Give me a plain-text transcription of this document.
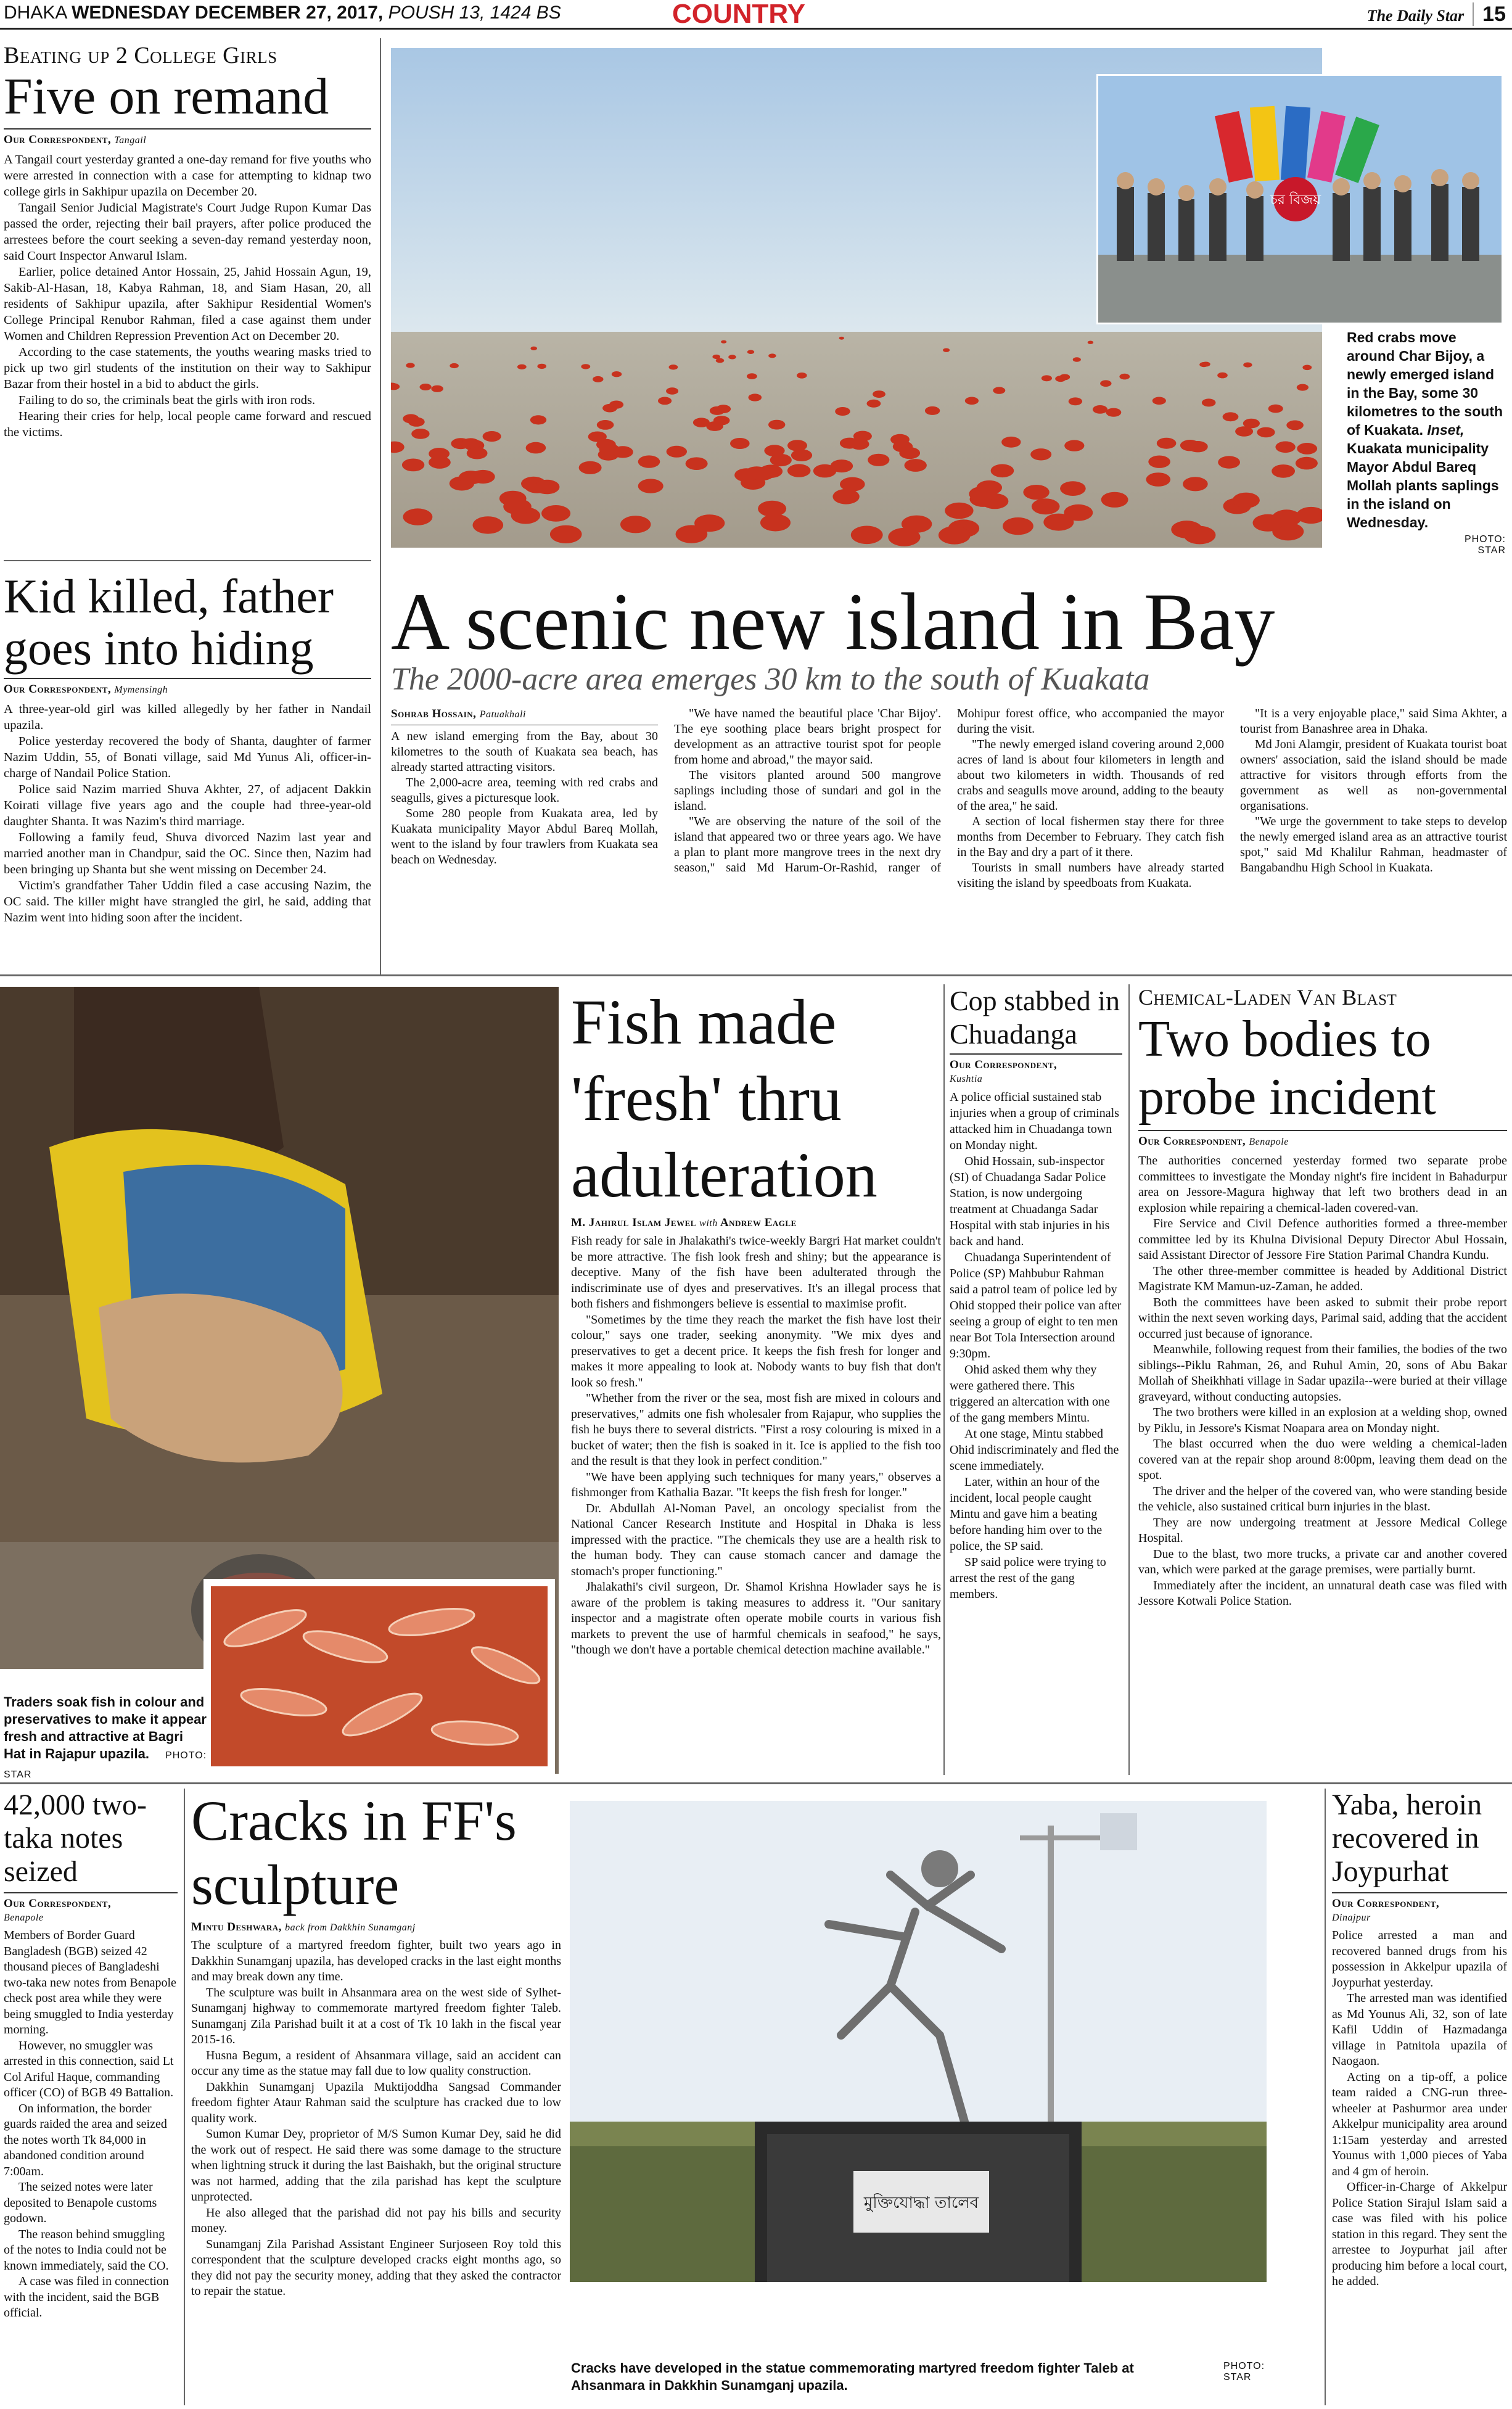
DHAKA WEDNESDAY DECEMBER 27, 2017, POUSH 13, 1424 BS	COUNTRY	The Daily Star 15
Beating up 2 College Girls
Five on remand
Our Correspondent, Tangail

A Tangail court yesterday granted a one-day remand for five youths who were arrested in connection with a case for attempting to kidnap two college girls in Sakhipur upazila on December 20.

Tangail Senior Judicial Magistrate's Court Judge Rupon Kumar Das passed the order, rejecting their bail prayers, after police produced the arrestees before the court seeking a seven-day remand yesterday noon, said Court Inspector Anwarul Islam.

Earlier, police detained Antor Hossain, 25, Jahid Hossain Agun, 19, Sakib-Al-Hasan, 18, Kabya Rahman, 18, and Siam Hasan, 20, all residents of Sakhipur upazila, after Sakhipur Residential Women's College Principal Renubor Rahman, filed a case against them under Women and Children Repression Prevention Act on December 20.

According to the case statements, the youths wearing masks tried to pick up two girl students of the institution on their way to Sakhipur Bazar from their hostel in a bid to abduct the girls.

Failing to do so, the criminals beat the girls with iron rods.

Hearing their cries for help, local people came forward and rescued the victims.

Kid killed, father goes into hiding
Our Correspondent, Mymensingh

A three-year-old girl was killed allegedly by her father in Nandail upazila.

Police yesterday recovered the body of Shanta, daughter of farmer Nazim Uddin, 55, of Bonati village, said Md Yunus Ali, officer-in-charge of Nandail Police Station.

Police said Nazim married Shuva Akhter, 27, of adjacent Dakkin Koirati village five years ago and the couple had three-year-old daughter Shanta. It was Nazim's third marriage.

Following a family feud, Shuva divorced Nazim last year and married another man in Chandpur, said the OC. Since then, Nazim had been bringing up Shanta but she went missing on December 24.

Victim's grandfather Taher Uddin filed a case accusing Nazim, the OC said. The killer might have strangled the girl, he said, adding that Nazim went into hiding soon after the incident.

চর বিজয়
Red crabs move around Char Bijoy, a newly emerged island in the Bay, some 30 kilometres to the south of Kuakata. Inset, Kuakata municipality Mayor Abdul Bareq Mollah plants saplings in the island on Wednesday.
PHOTO: STAR
A scenic new island in Bay
The 2000-acre area emerges 30 km to the south of Kuakata
Sohrab Hossain, Patuakhali

A new island emerging from the Bay, about 30 kilometres to the south of Kuakata sea beach, has already started attracting visitors.

The 2,000-acre area, teeming with red crabs and seagulls, gives a picturesque look.

Some 280 people from Kuakata area, led by Kuakata municipality Mayor Abdul Bareq Mollah, went to the island by four trawlers from Kuakata sea beach on Wednesday.

"We have named the beautiful place 'Char Bijoy'. The eye soothing place bears bright prospect for development as an attractive tourist spot for people from home and abroad," the mayor said.

The visitors planted around 500 mangrove saplings including those of sundari and gol in the island.

"We are observing the nature of the soil of the island that appeared two or three years ago. We have a plan to plant more mangrove trees in the next dry season," said Md Harum-Or-Rashid, ranger of Mohipur forest office, who accompanied the mayor during the visit.

"The newly emerged island covering around 2,000 acres of land is about four kilometers in length and about two kilometers in width. Thousands of red crabs and seagulls move around, adding to the beauty of the area," he said.

A section of local fishermen stay there for three months from December to February. They catch fish in the Bay and dry a part of it there.

Tourists in small numbers have already started visiting the island by speedboats from Kuakata.

"It is a very enjoyable place," said Sima Akhter, a tourist from Banashree area in Dhaka.

Md Joni Alamgir, president of Kuakata tourist boat owners' association, said the island should be made attractive for visitors through efforts from the government as well as non-governmental organisations.

"We urge the government to take steps to develop the newly emerged island area as an attractive tourist spot," said Md Khalilur Rahman, headmaster of Bangabandhu High School in Kuakata.

Traders soak fish in colour and preservatives to make it appear fresh and attractive at Bagri Hat in Rajapur upazila. PHOTO: STAR
Fish made 'fresh' thru adulteration
M. Jahirul Islam Jewel with Andrew Eagle

Fish ready for sale in Jhalakathi's twice-weekly Bargri Hat market couldn't be more attractive. The fish look fresh and shiny; but the appearance is deceptive. Many of the fish have been adulterated through the indiscriminate use of dyes and preservatives. It's an illegal process that both fishers and fishmongers believe is essential to maximise profit.

"Sometimes by the time they reach the market the fish have lost their colour," says one trader, seeking anonymity. "We mix dyes and preservatives to get a decent price. It keeps the fish fresh for longer and makes it more appealing to look at. Nobody wants to buy fish that don't look so fresh."

"Whether from the river or the sea, most fish are mixed in colours and preservatives," admits one fish wholesaler from Rajapur, who supplies the fish he buys there to several districts. "First a rosy colouring is mixed in a bucket of water; then the fish is soaked in it. Ice is applied to the fish too and the result is that they look in perfect condition."

"We have been applying such techniques for many years," observes a fishmonger from Kathalia Bazar. "It keeps the fish fresh for longer."

Dr. Abdullah Al-Noman Pavel, an oncology specialist from the National Cancer Research Institute and Hospital in Dhaka is less impressed with the practice. "The chemicals they use are a health risk to the human body. They can cause stomach cancer and damage the stomach's proper functioning."

Jhalakathi's civil surgeon, Dr. Shamol Krishna Howlader says he is aware of the problem is taking measures to address it. "Our sanitary inspector and a magistrate often operate mobile courts in various fish markets to prevent the use of harmful chemicals in seafood," he says, "though we don't have a portable chemical detection machine available."

Cop stabbed in Chuadanga
Our Correspondent,
Kushtia

A police official sustained stab injuries when a group of criminals attacked him in Chuadanga town on Monday night.

Ohid Hossain, sub-inspector (SI) of Chuadanga Sadar Police Station, is now undergoing treatment at Chuadanga Sadar Hospital with stab injuries in his back and hand.

Chuadanga Superintendent of Police (SP) Mahbubur Rahman said a patrol team of police led by Ohid stopped their police van after seeing a group of eight to ten men near Bot Tola Intersection around 9:30pm.

Ohid asked them why they were gathered there. This triggered an altercation with one of the gang members Mintu.

At one stage, Mintu stabbed Ohid indiscriminately and fled the scene immediately.

Later, within an hour of the incident, local people caught Mintu and gave him a beating before handing him over to the police, the SP said.

SP said police were trying to arrest the rest of the gang members.

Chemical-Laden Van Blast
Two bodies to probe incident
Our Correspondent, Benapole

The authorities concerned yesterday formed two separate probe committees to investigate the Monday night's fire incident in Bahadurpur area on Jessore-Magura highway that left two brothers dead in an explosion while repairing a chemical-laden covered-van.

Fire Service and Civil Defence authorities formed a three-member committee led by its Khulna Divisional Deputy Director Abul Hossain, said Assistant Director of Jessore Fire Station Parimal Chandra Kundu.

The other three-member committee is headed by Additional District Magistrate KM Mamun-uz-Zaman, he added.

Both the committees have been asked to submit their probe report within the next seven working days, Parimal said, adding that the accident occurred just because of ignorance.

Meanwhile, following request from their families, the bodies of the two siblings--Piklu Rahman, 26, and Ruhul Amin, 20, sons of Abu Bakar Mollah of Sheikhhati village in Sadar upazila--were buried at their village graveyard, without conducting autopsies.

The two brothers were killed in an explosion at a welding shop, owned by Piklu, in Jessore's Kismat Noapara area on Monday night.

The blast occurred when the duo were welding a chemical-laden covered van at the repair shop around 8:00pm, leaving them dead on the spot.

The driver and the helper of the covered van, who were standing beside the vehicle, also sustained critical burn injuries in the blast.

They are now undergoing treatment at Jessore Medical College Hospital.

Due to the blast, two more trucks, a private car and another covered van, which were parked at the garage premises, were partially burnt.

Immediately after the incident, an unnatural death case was filed with Jessore Kotwali Police Station.

42,000 two-taka notes seized
Our Correspondent,
Benapole

Members of Border Guard Bangladesh (BGB) seized 42 thousand pieces of Bangladeshi two-taka new notes from Benapole check post area while they were being smuggled to India yesterday morning.

However, no smuggler was arrested in this connection, said Lt Col Ariful Haque, commanding officer (CO) of BGB 49 Battalion.

On information, the border guards raided the area and seized the notes worth Tk 84,000 in abandoned condition around 7:00am.

The seized notes were later deposited to Benapole customs godown.

The reason behind smuggling of the notes to India could not be known immediately, said the CO.

A case was filed in connection with the incident, said the BGB official.

Cracks in FF's sculpture
Mintu Deshwara, back from Dakkhin Sunamganj

The sculpture of a martyred freedom fighter, built two years ago in Dakkhin Sunamganj upazila, has developed cracks in the last eight months and may break down any time.

The sculpture was built in Ahsanmara area on the west side of Sylhet-Sunamganj highway to commemorate martyred freedom fighter Taleb. Sunamganj Zila Parishad built it at a cost of Tk 10 lakh in the fiscal year 2015-16.

Husna Begum, a resident of Ahsanmara village, said an accident can occur any time as the statue may fall due to low quality construction.

Dakkhin Sunamganj Upazila Muktijoddha Sangsad Commander freedom fighter Ataur Rahman said the sculpture has cracked due to low quality work.

Sumon Kumar Dey, proprietor of M/S Sumon Kumar Dey, said he did the work out of respect. He said there was some damage to the structure when lightning struck it during the last Baishakh, but the original structure was not harmed, adding that the zila parishad has kept the sculpture unprotected.

He also alleged that the parishad did not pay his bills and security money.

Sunamganj Zila Parishad Assistant Engineer Surjoseen Roy told this correspondent that the sculpture developed cracks eight months ago, so they did not pay the security money, adding that they asked the contractor to repair the statue.

মুক্তিযোদ্ধা তালেব
Cracks have developed in the statue commemorating martyred freedom fighter Taleb at Ahsanmara in Dakkhin Sunamganj upazila.
PHOTO: STAR
Yaba, heroin recovered in Joypurhat
Our Correspondent,
Dinajpur

Police arrested a man and recovered banned drugs from his possession in Akkelpur upazila of Joypurhat yesterday.

The arrested man was identified as Md Younus Ali, 32, son of late Kafil Uddin of Hazmadanga village in Patnitola upazila of Naogaon.

Acting on a tip-off, a police team raided a CNG-run three-wheeler at Pashurmor area under Akkelpur municipality area around 1:15am yesterday and arrested Younus with 1,000 pieces of Yaba and 4 gm of heroin.

Officer-in-Charge of Akkelpur Police Station Sirajul Islam said a case was filed with his police station in this regard. They sent the arrestee to Joypurhat jail after producing him before a local court, he added.
